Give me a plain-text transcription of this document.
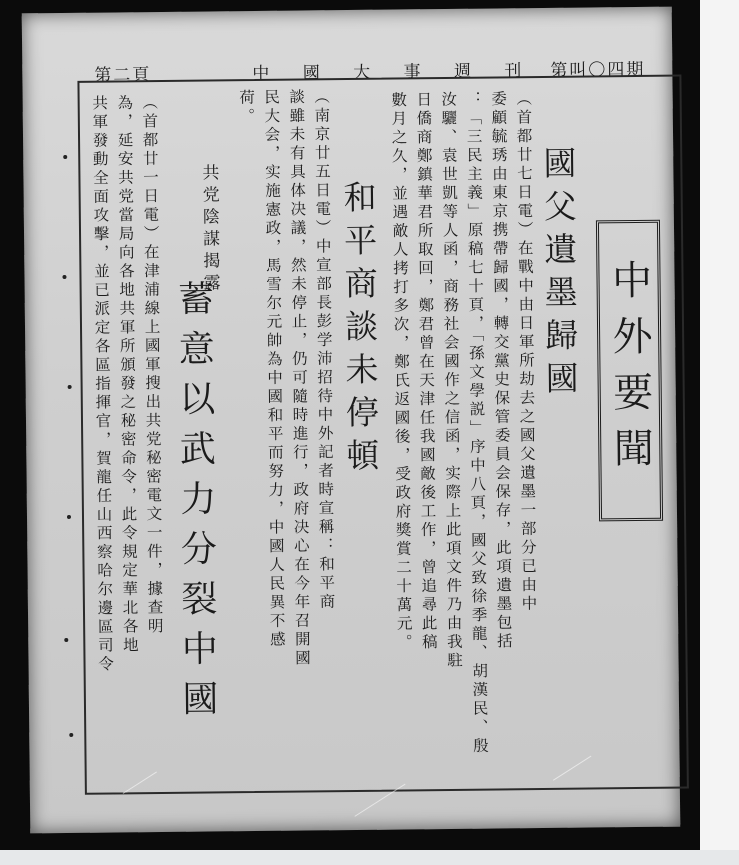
第叫〇四期
中 國 大 事 週 刊
第二頁
中外要聞
國父遺墨歸國
（首都廿七日電）在戰中由日軍所劫去之國父遺墨一部分已由中
委顧毓琇由東京携帶歸國，轉交黨史保管委員会保存，此項遺墨包括
：「三民主義」原稿七十頁，「孫文學説」序中八頁，國父致徐季龍、胡漢民、殷
汝驪、袁世凱等人函，商務社会國作之信函，实際上此項文件乃由我駐
日僑商鄭鎮華君所取回，鄭君曾在天津任我國敵後工作，曾追尋此稿
數月之久，並遇敵人拷打多次，鄭氏返國後，受政府獎賞二十萬元。
和平商談未停頓
（南京廿五日電）中宣部長彭学沛招待中外記者時宣稱：和平商
談雖未有具体决議，然未停止，仍可隨時進行，政府决心在今年召開國
民大会，实施憲政，馬雪尔元帥為中國和平而努力，中國人民異不感
荷。
共党陰謀揭露
蓄意以武力分裂中國
（首都廿一日電）在津浦線上國軍搜出共党秘密電文一件，據查明
為，延安共党當局向各地共軍所頒發之秘密命令，此令規定華北各地
共軍發動全面攻擊，並已派定各區指揮官，賀龍任山西察哈尔邊區司令
